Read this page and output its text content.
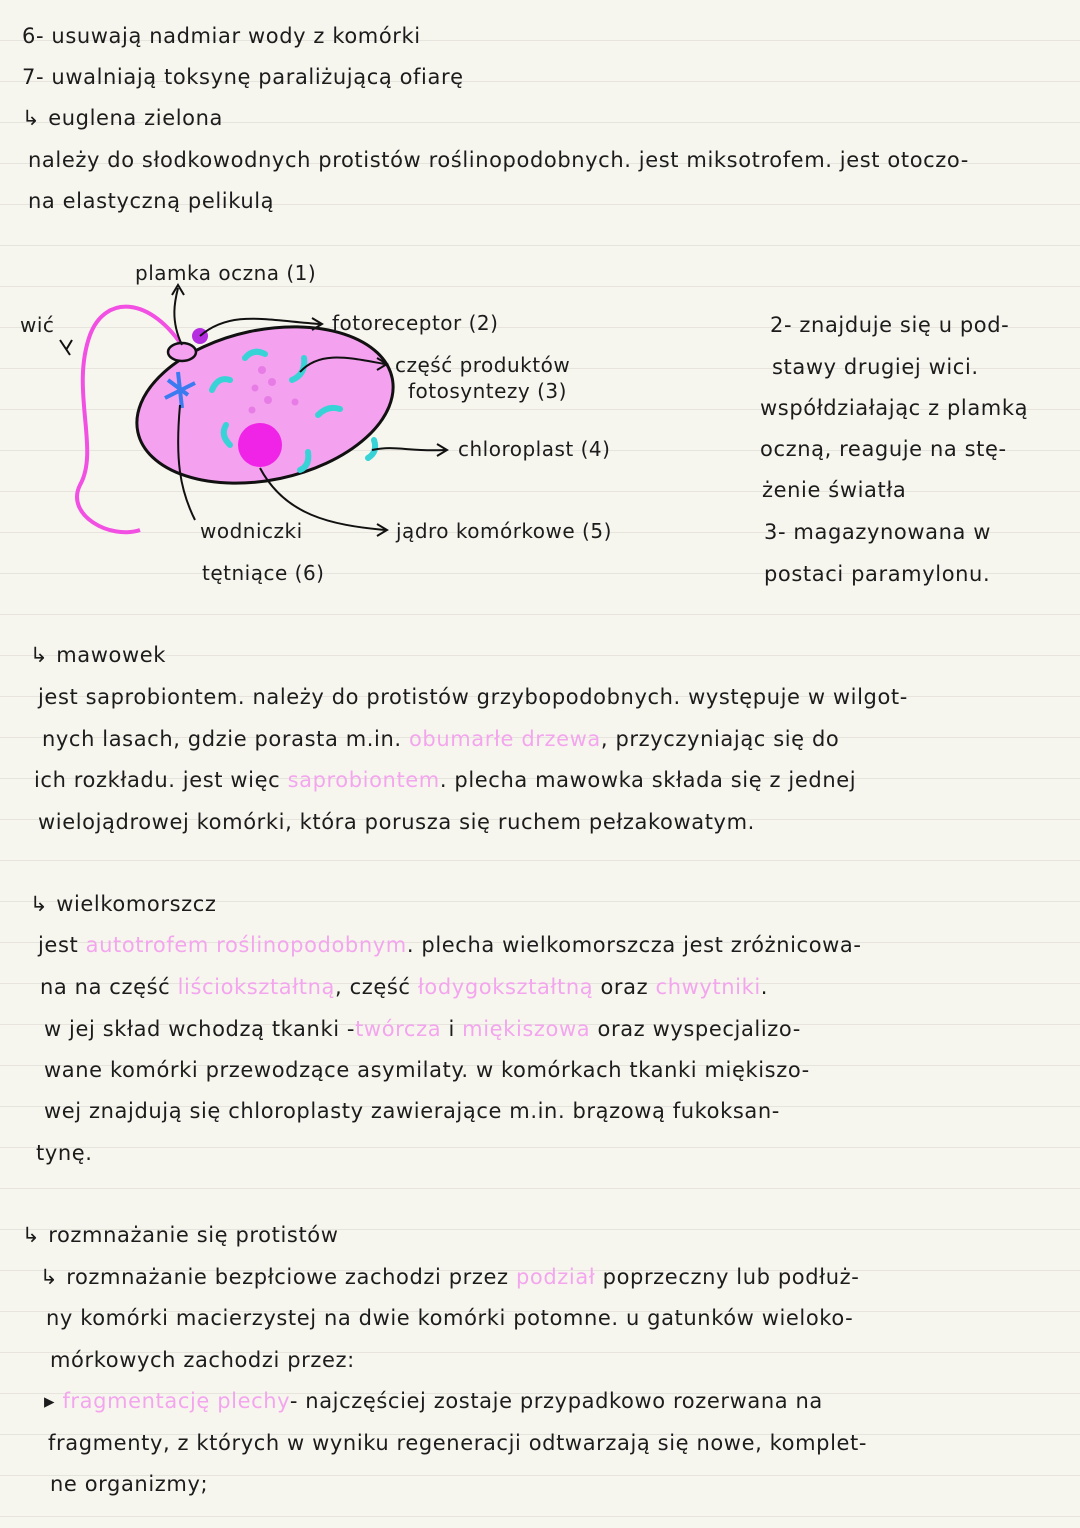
6- usuwają nadmiar wody z komórki
7- uwalniają toksynę paraliżującą ofiarę
↳ euglena zielona
należy do słodkowodnych protistów roślinopodobnych. jest miksotrofem. jest otoczo-
na elastyczną pelikulą
wić
plamka oczna (1)
fotoreceptor (2)
część produktów
fotosyntezy (3)
chloroplast (4)
wodniczki
tętniące (6)
jądro komórkowe (5)
2- znajduje się u pod-
stawy drugiej wici.
współdziałając z plamką
oczną, reaguje na stę-
żenie światła
3- magazynowana w
postaci paramylonu.
↳ mawowek
jest saprobiontem. należy do protistów grzybopodobnych. występuje w wilgot-
nych lasach, gdzie porasta m.in. obumarłe drzewa, przyczyniając się do
ich rozkładu. jest więc saprobiontem. plecha mawowka składa się z jednej
wielojądrowej komórki, która porusza się ruchem pełzakowatym.
↳ wielkomorszcz
jest autotrofem roślinopodobnym. plecha wielkomorszcza jest zróżnicowa-
na na część liściokształtną, część łodygokształtną oraz chwytniki.
w jej skład wchodzą tkanki -twórcza i miękiszowa oraz wyspecjalizo-
wane komórki przewodzące asymilaty. w komórkach tkanki miękiszo-
wej znajdują się chloroplasty zawierające m.in. brązową fukoksan-
tynę.
↳ rozmnażanie się protistów
↳ rozmnażanie bezpłciowe zachodzi przez podział poprzeczny lub podłuż-
ny komórki macierzystej na dwie komórki potomne. u gatunków wieloko-
mórkowych zachodzi przez:
▸ fragmentację plechy- najczęściej zostaje przypadkowo rozerwana na
fragmenty, z których w wyniku regeneracji odtwarzają się nowe, komplet-
ne organizmy;
